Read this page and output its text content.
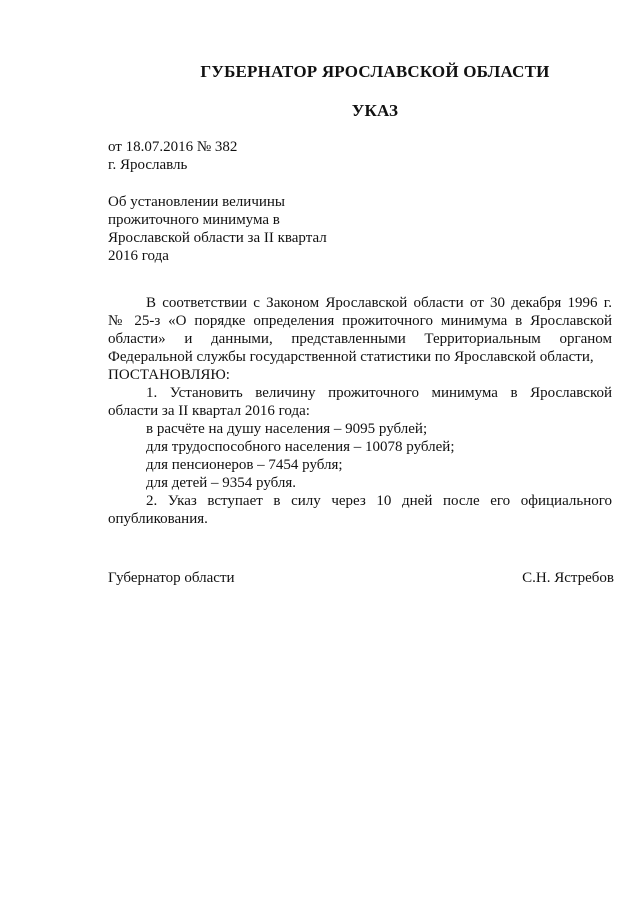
ГУБЕРНАТОР ЯРОСЛАВСКОЙ ОБЛАСТИ
УКАЗ
от 18.07.2016 № 382
г. Ярославль
Об установлении величины
прожиточного минимума в
Ярославской области за II квартал
2016 года
В соответствии с Законом Ярославской области от 30 декабря 1996 г.
№ 25-з «О порядке определения прожиточного минимума в Ярославской
области» и данными, представленными Территориальным органом
Федеральной службы государственной статистики по Ярославской области,
ПОСТАНОВЛЯЮ:
1. Установить величину прожиточного минимума в Ярославской
области за II квартал 2016 года:
в расчёте на душу населения – 9095 рублей;
для трудоспособного населения – 10078 рублей;
для пенсионеров – 7454 рубля;
для детей – 9354 рубля.
2. Указ вступает в силу через 10 дней после его официального
опубликования.
Губернатор области	С.Н. Ястребов
